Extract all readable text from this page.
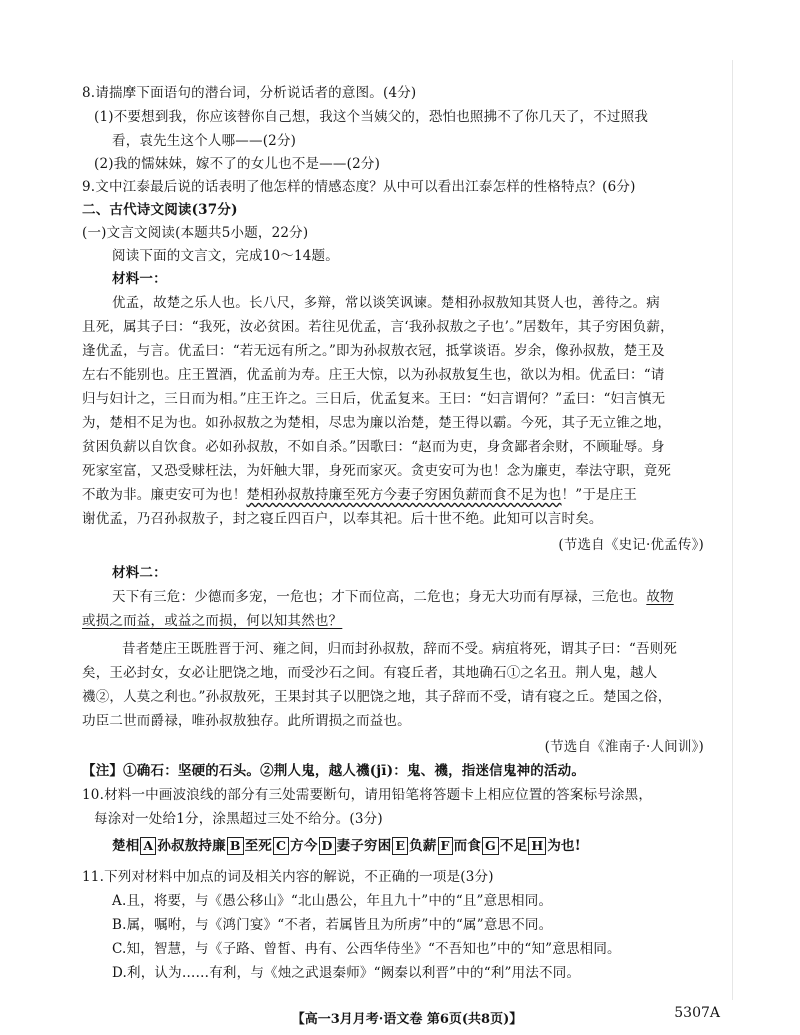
8.请揣摩下面语句的潜台词，分析说话者的意图。(4分)
(1)不要想到我，你应该替你自己想，我这个当姨父的，恐怕也照拂不了你几天了，不过照我
看，袁先生这个人哪——(2分)
(2)我的懦妹妹，嫁不了的女儿也不是——(2分)
9.文中江泰最后说的话表明了他怎样的情感态度？从中可以看出江泰怎样的性格特点？(6分)
二、古代诗文阅读(37分)
(一)文言文阅读(本题共5小题，22分)
阅读下面的文言文，完成10～14题。
材料一：
优孟，故楚之乐人也。长八尺，多辩，常以谈笑讽谏。楚相孙叔敖知其贤人也，善待之。病
且死，属其子曰：“我死，汝必贫困。若往见优孟，言‘我孙叔敖之子也’。”居数年，其子穷困负薪，
逢优孟，与言。优孟曰：“若无远有所之。”即为孙叔敖衣冠，抵掌谈语。岁余，像孙叔敖，楚王及
左右不能别也。庄王置酒，优孟前为寿。庄王大惊，以为孙叔敖复生也，欲以为相。优孟曰：“请
归与妇计之，三日而为相。”庄王许之。三日后，优孟复来。王曰：“妇言谓何？”孟曰：“妇言慎无
为，楚相不足为也。如孙叔敖之为楚相，尽忠为廉以治楚，楚王得以霸。今死，其子无立锥之地，
贫困负薪以自饮食。必如孙叔敖，不如自杀。”因歌曰：“赵而为吏，身贪鄙者余财，不顾耻辱。身
死家室富，又恐受赇枉法，为奸触大罪，身死而家灭。贪吏安可为也！念为廉吏，奉法守职，竟死
不敢为非。廉吏安可为也！楚相孙叔敖持廉至死方今妻子穷困负薪而食不足为也！”于是庄王
谢优孟，乃召孙叔敖子，封之寝丘四百户，以奉其祀。后十世不绝。此知可以言时矣。
(节选自《史记·优孟传》)
材料二：
天下有三危：少德而多宠，一危也；才下而位高，二危也；身无大功而有厚禄，三危也。故物
或损之而益，或益之而损，何以知其然也？
昔者楚庄王既胜晋于河、雍之间，归而封孙叔敖，辞而不受。病疽将死，谓其子曰：“吾则死
矣，王必封女，女必让肥饶之地，而受沙石之间。有寝丘者，其地确石①之名丑。荆人鬼，越人
禨②，人莫之利也。”孙叔敖死，王果封其子以肥饶之地，其子辞而不受，请有寝之丘。楚国之俗，
功臣二世而爵禄，唯孙叔敖独存。此所谓损之而益也。
(节选自《淮南子·人间训》)
【注】①确石：坚硬的石头。②荆人鬼，越人禨(jī)：鬼、禨，指迷信鬼神的活动。
10.材料一中画波浪线的部分有三处需要断句，请用铅笔将答题卡上相应位置的答案标号涂黑，
每涂对一处给1分，涂黑超过三处不给分。(3分)
楚相 A 孙叔敖持廉 B 至死 C 方今 D 妻子穷困 E 负薪 F 而食 G 不足 H 为也!
11.下列对材料中加点的词及相关内容的解说，不正确的一项是(3分)
A.且，将要，与《愚公移山》“北山愚公，年且九十”中的“且”意思相同。
B.属，嘱咐，与《鸿门宴》“不者，若属皆且为所虏”中的“属”意思不同。
C.知，智慧，与《子路、曾皙、冉有、公西华侍坐》“不吾知也”中的“知”意思相同。
D.利，认为……有利，与《烛之武退秦师》“阙秦以利晋”中的“利”用法不同。
【高一3月月考·语文卷 第6页(共8页)】	5307A
